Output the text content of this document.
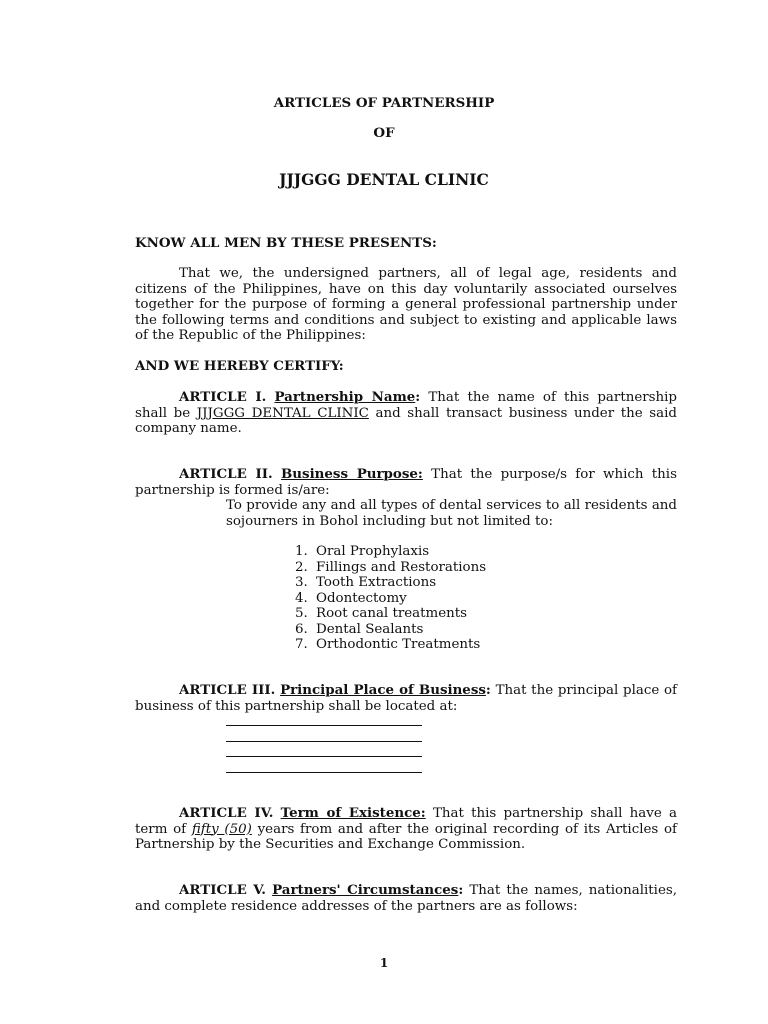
ARTICLES OF PARTNERSHIP
OF
JJJGGG DENTAL CLINIC
KNOW ALL MEN BY THESE PRESENTS:
That we, the undersigned partners, all of legal age, residents and citizens of the Philippines, have on this day voluntarily associated ourselves together for the purpose of forming a general professional partnership under the following terms and conditions and subject to existing and applicable laws of the Republic of the Philippines:
AND WE HEREBY CERTIFY:
ARTICLE I. Partnership Name: That the name of this partnership shall be JJJGGG DENTAL CLINIC and shall transact business under the said company name.
ARTICLE II. Business Purpose: That the purpose/s for which this partnership is formed is/are:
To provide any and all types of dental services to all residents and sojourners in Bohol including but not limited to:
1. Oral Prophylaxis
2. Fillings and Restorations
3. Tooth Extractions
4. Odontectomy
5. Root canal treatments
6. Dental Sealants
7. Orthodontic Treatments
ARTICLE III. Principal Place of Business: That the principal place of business of this partnership shall be located at:
ARTICLE IV. Term of Existence: That this partnership shall have a term of fifty (50) years from and after the original recording of its Articles of Partnership by the Securities and Exchange Commission.
ARTICLE V. Partners' Circumstances: That the names, nationalities, and complete residence addresses of the partners are as follows:
1
